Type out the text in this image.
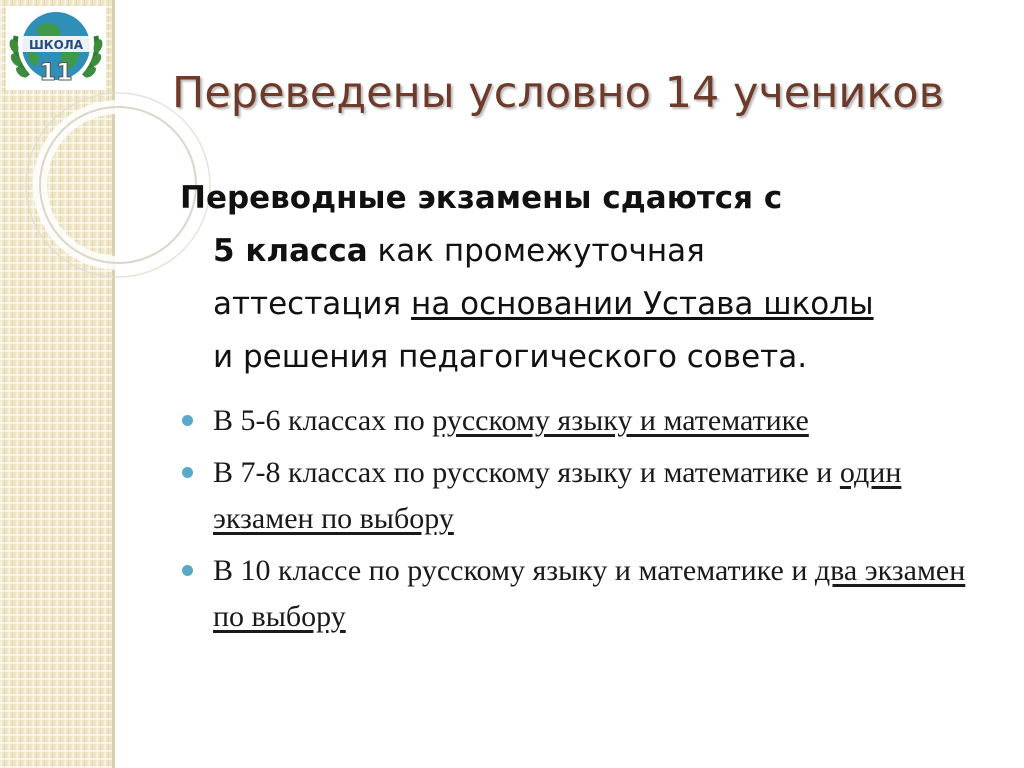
ШКОЛА
11 Переведены условно 14 учеников
Переводные экзамены сдаются с
5 класса как промежуточная
аттестация на основании Устава школы
и решения педагогического совета.
В 5-6 классах по русскому языку и математике
В 7-8 классах по русскому языку и математике и один экзамен по выбору
В 10 классе по русскому языку и математике и два экзамен по выбору
